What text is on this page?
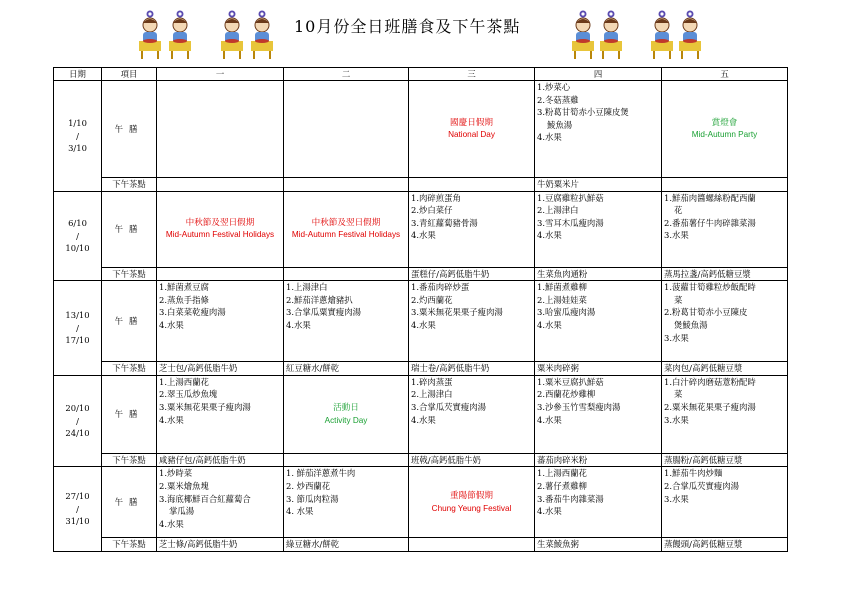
10月份全日班膳食及下午茶點
日期	項目	一	二	三	四	五

1/10
/
3/10	午膳			國慶日假期
National Day	1.炒菜心
2.冬菇蒸雞
3.粉葛甘筍赤小豆陳皮煲
鯪魚湯
4.水果	賞燈會
Mid-Autumn Party

	下午茶點				牛奶粟米片	

6/10
/
10/10	午膳	中秋節及翌日假期
Mid-Autumn Festival Holidays	中秋節及翌日假期
Mid-Autumn Festival Holidays	1.肉碎煎蛋角
2.炒白菜仔
3.青紅蘿蔔豬骨湯
4.水果	1.豆腐雞粒扒鮮菇
2.上湯津白
3.雪耳木瓜瘦肉湯
4.水果	1.鮮茄肉醬螺絲粉配西蘭
花
2.番茄薯仔牛肉碎雜菜湯
3.水果

	下午茶點			蛋糕仔/高鈣低脂牛奶	生菜魚肉通粉	蒸馬拉盞/高鈣低糖豆漿

13/10
/
17/10	午膳	1.鮮菌煮豆腐
2.蒸魚手指條
3.白菜菜乾瘦肉湯
4.水果	1.上湯津白
2.鮮茄洋蔥燴豬扒
3.合掌瓜粟實瘦肉湯
4.水果	1.番茄肉碎炒蛋
2.灼西蘭花
3.粟米無花果栗子瘦肉湯
4.水果	1.鮮菌煮雞柳
2.上湯娃娃菜
3.哈蜜瓜瘦肉湯
4.水果	1.菠蘿甘筍雞粒炒飯配時
菜
2.粉葛甘筍赤小豆陳皮
煲鯪魚湯
3.水果

	下午茶點	芝士包/高鈣低脂牛奶	紅豆糖水/餅乾	瑞士卷/高鈣低脂牛奶	粟米肉碎粥	菜肉包/高鈣低糖豆漿

20/10
/
24/10	午膳	1.上湯西蘭花
2.翠玉瓜炒魚塊
3.粟米無花果栗子瘦肉湯
4.水果	活動日
Activity Day	1.碎肉蒸蛋
2.上湯津白
3.合掌瓜芡實瘦肉湯
4.水果	1.粟米豆腐扒鮮菇
2.西蘭花炒雞柳
3.沙參玉竹雪梨瘦肉湯
4.水果	1.白汁碎肉磨菇薏粉配時
菜
2.粟米無花果栗子瘦肉湯
3.水果

	下午茶點	咸豬仔包/高鈣低脂牛奶		班戟/高鈣低脂牛奶	蕃茄肉碎米粉	蒸腸粉/高鈣低糖豆漿

27/10
/
31/10	午膳	1.炒時菜
2.粟米燴魚塊
3.海底椰鮮百合紅蘿蔔合
掌瓜湯
4.水果	1. 鮮茄洋蔥煮牛肉
2. 炒西蘭花
3. 節瓜肉粒湯
4. 水果	重陽節假期
Chung Yeung Festival	1.上湯西蘭花
2.薯仔煮雞柳
3.番茄牛肉雜菜湯
4.水果	1.鮮茄牛肉炒麵
2.合掌瓜芡實瘦肉湯
3.水果

	下午茶點	芝士條/高鈣低脂牛奶	綠豆糖水/餅乾		生菜鯪魚粥	蒸饅頭/高鈣低糖豆漿
